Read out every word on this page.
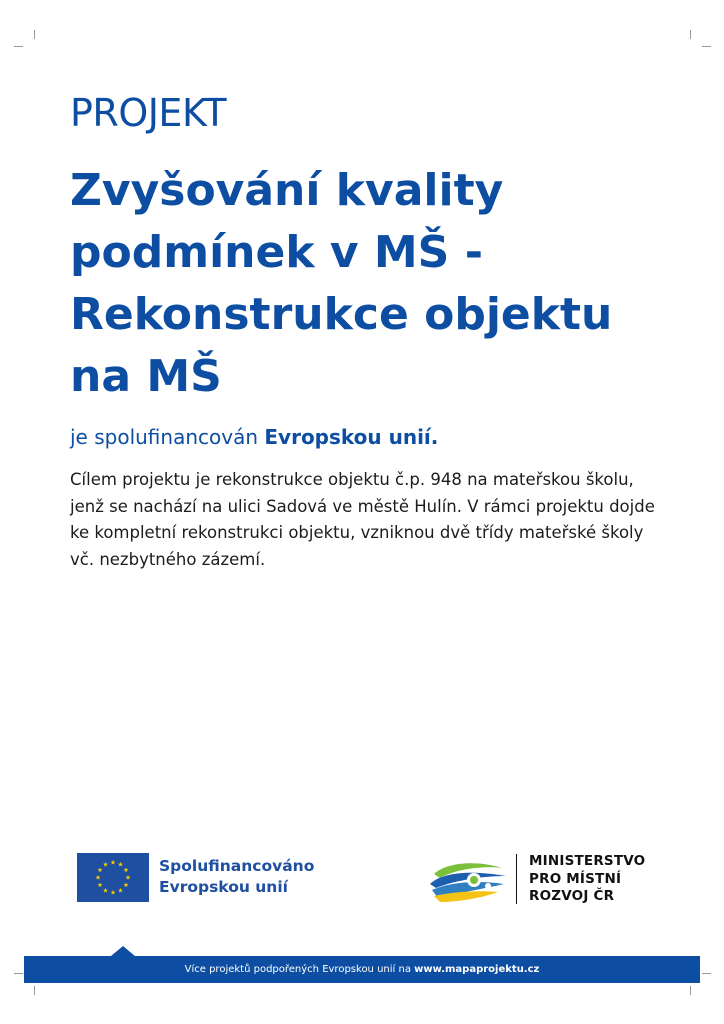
PROJEKT
Zvyšování kvality podmínek v MŠ - Rekonstrukce objektu na MŠ

je spolufinancován Evropskou unií.

Cílem projektu je rekonstrukce objektu č.p. 948 na mateřskou školu, jenž se nachází na ulici Sadová ve městě Hulín. V rámci projektu dojde ke kompletní rekonstrukci objektu, vzniknou dvě třídy mateřské školy vč. nezbytného zázemí.

Spolufinancováno
Evropskou unií
MINISTERSTVO
PRO MÍSTNÍ
ROZVOJ ČR
Více projektů podpořených Evropskou unií na www.mapaprojektu.cz
